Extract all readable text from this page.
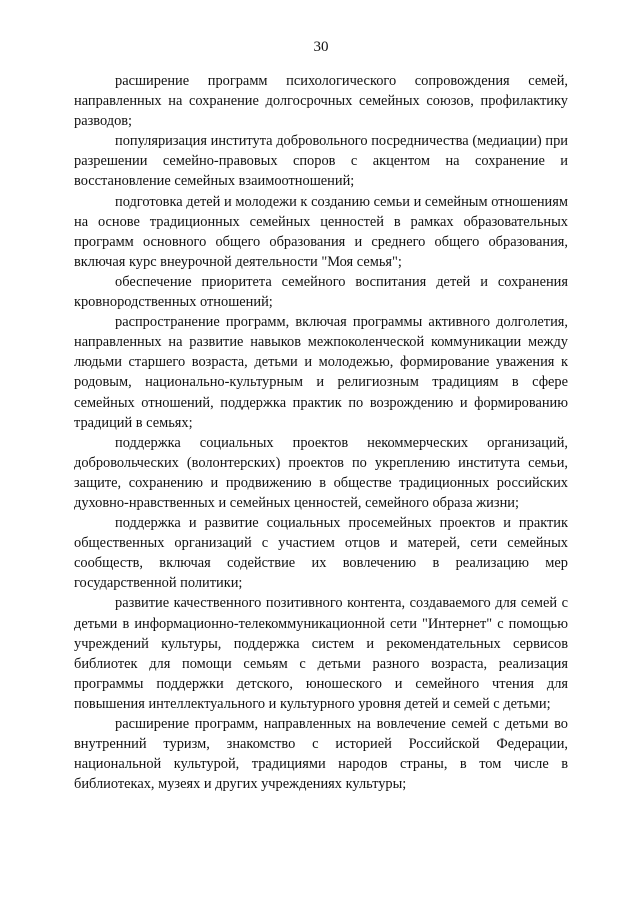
30

расширение программ психологического сопровождения семей, направленных на сохранение долгосрочных семейных союзов, профилактику разводов;

популяризация института добровольного посредничества (медиации) при разрешении семейно-правовых споров с акцентом на сохранение и восстановление семейных взаимоотношений;

подготовка детей и молодежи к созданию семьи и семейным отношениям на основе традиционных семейных ценностей в рамках образовательных программ основного общего образования и среднего общего образования, включая курс внеурочной деятельности "Моя семья";

обеспечение приоритета семейного воспитания детей и сохранения кровнородственных отношений;

распространение программ, включая программы активного долголетия, направленных на развитие навыков межпоколенческой коммуникации между людьми старшего возраста, детьми и молодежью, формирование уважения к родовым, национально-культурным и религиозным традициям в сфере семейных отношений, поддержка практик по возрождению и формированию традиций в семьях;

поддержка социальных проектов некоммерческих организаций, добровольческих (волонтерских) проектов по укреплению института семьи, защите, сохранению и продвижению в обществе традиционных российских духовно-нравственных и семейных ценностей, семейного образа жизни;

поддержка и развитие социальных просемейных проектов и практик общественных организаций с участием отцов и матерей, сети семейных сообществ, включая содействие их вовлечению в реализацию мер государственной политики;

развитие качественного позитивного контента, создаваемого для семей с детьми в информационно-телекоммуникационной сети "Интернет" с помощью учреждений культуры, поддержка систем и рекомендательных сервисов библиотек для помощи семьям с детьми разного возраста, реализация программы поддержки детского, юношеского и семейного чтения для повышения интеллектуального и культурного уровня детей и семей с детьми;

расширение программ, направленных на вовлечение семей с детьми во внутренний туризм, знакомство с историей Российской Федерации, национальной культурой, традициями народов страны, в том числе в библиотеках, музеях и других учреждениях культуры;
